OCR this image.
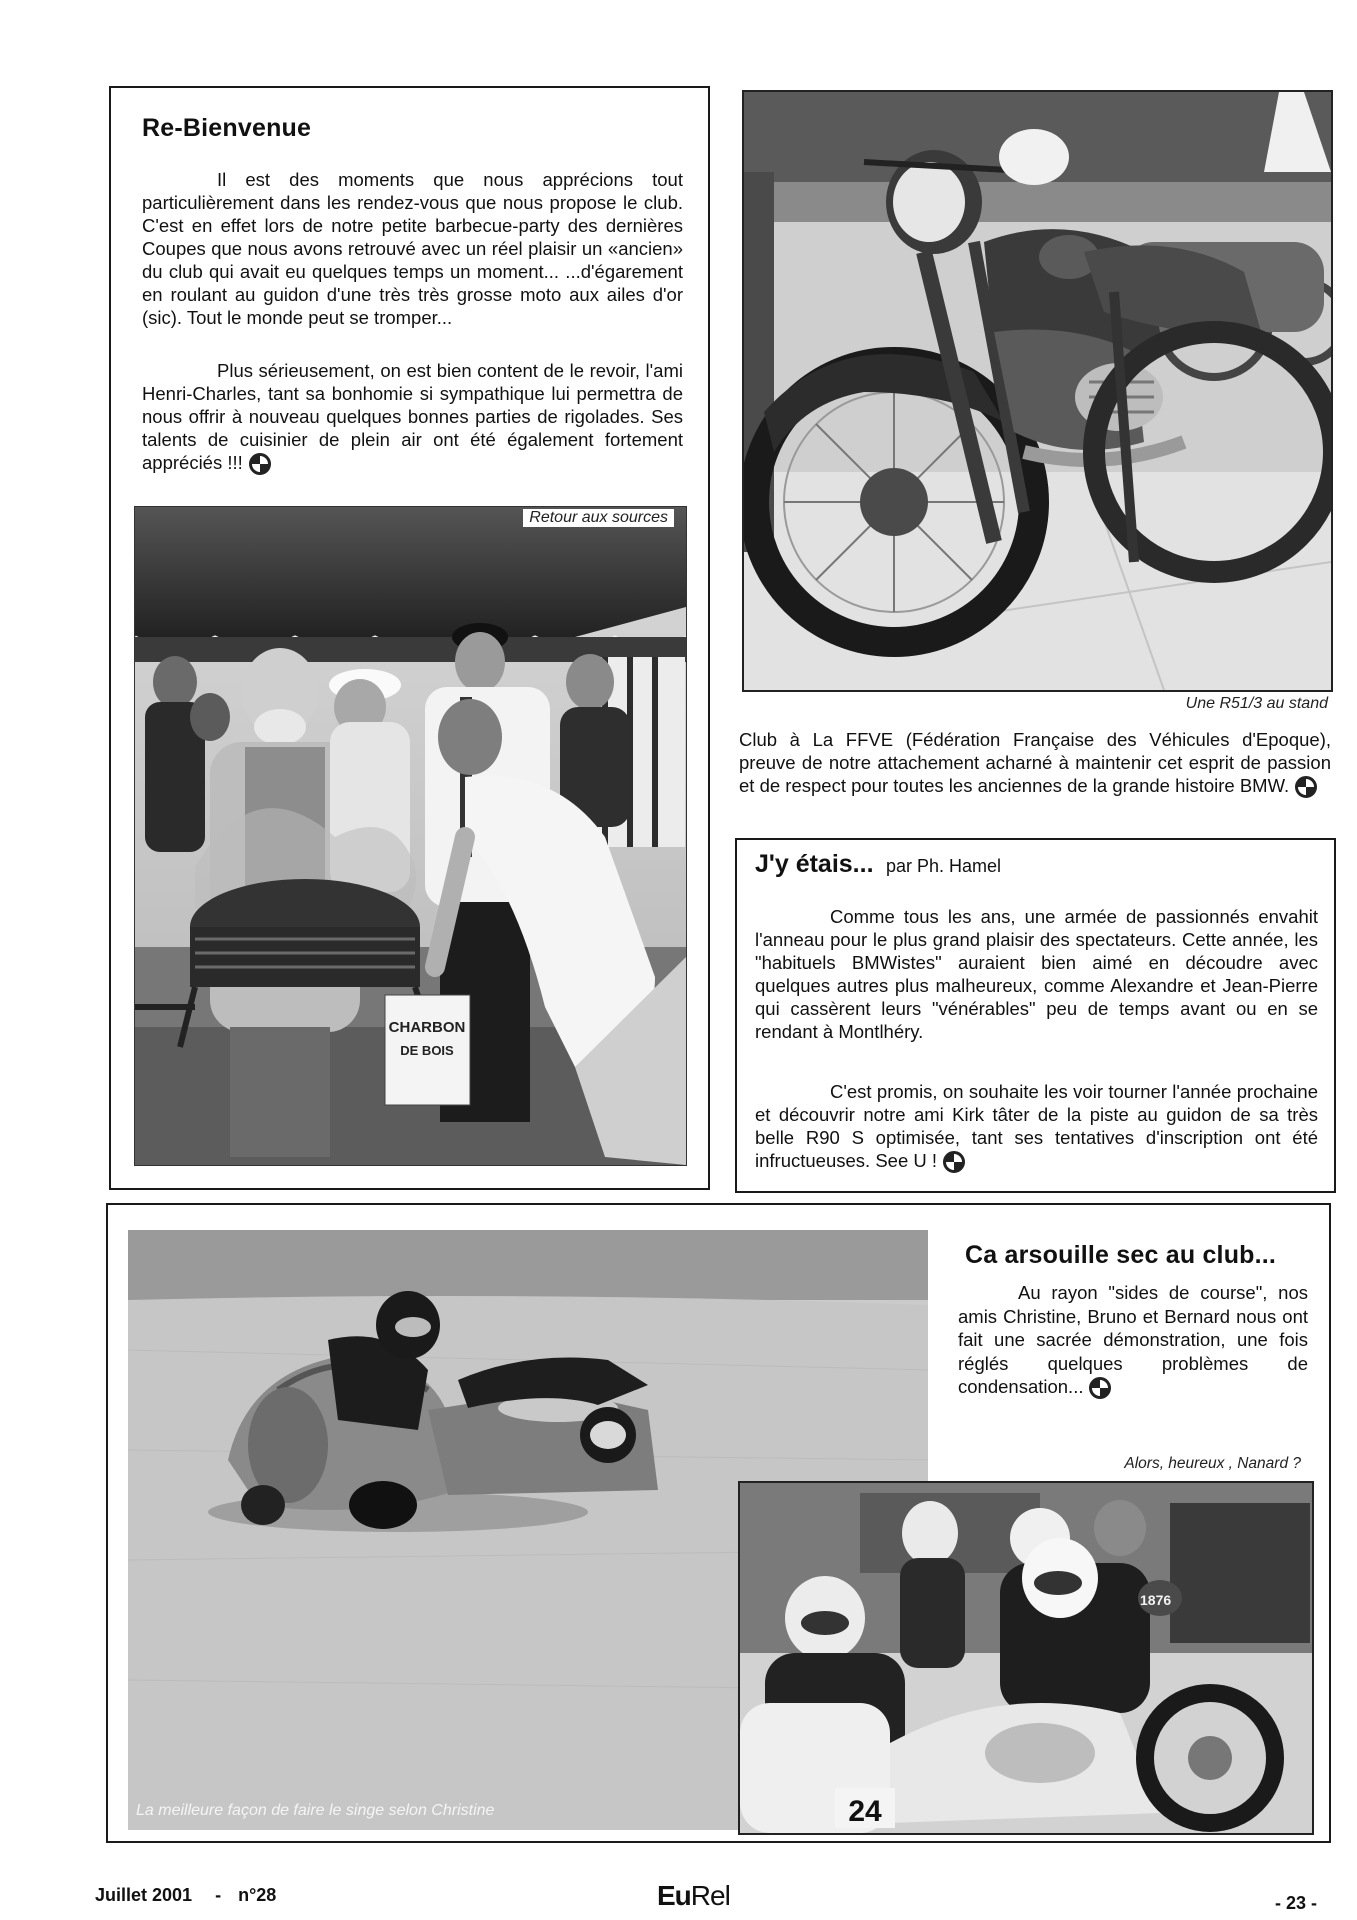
Re-Bienvenue

Il est des moments que nous apprécions tout particulièrement dans les rendez-vous que nous propose le club. C'est en effet lors de notre petite barbecue-party des dernières Coupes que nous avons retrouvé avec un réel plaisir un «ancien» du club qui avait eu quelques temps un moment... ...d'égarement en roulant au guidon d'une très très grosse moto aux ailes d'or (sic). Tout le monde peut se tromper...

Plus sérieusement, on est bien content de le revoir, l'ami Henri-Charles, tant sa bonhomie si sympathique lui permettra de nous offrir à nouveau quelques bonnes parties de rigolades. Ses talents de cuisinier de plein air ont été également fortement appréciés !!!

CHARBON
DE BOIS
Retour aux sources
Une R51/3 au stand

Club à La FFVE (Fédération Française des Véhicules d'Epoque), preuve de notre attachement acharné à maintenir cet esprit de passion et de respect pour toutes les anciennes de la grande histoire BMW.

J'y étais... par Ph. Hamel

Comme tous les ans, une armée de passionnés envahit l'anneau pour le plus grand plaisir des spectateurs. Cette année, les "habituels BMWistes" auraient bien aimé en découdre avec quelques autres plus malheureux, comme Alexandre et Jean-Pierre qui cassèrent leurs "vénérables" peu de temps avant ou en se rendant à Montlhéry.

C'est promis, on souhaite les voir tourner l'année prochaine et découvrir notre ami Kirk tâter de la piste au guidon de sa très belle R90 S optimisée, tant ses tentatives d'inscription ont été infructueuses. See U !

La meilleure façon de faire le singe selon Christine
Ca arsouille sec au club...

Au rayon "sides de course", nos amis Christine, Bruno et Bernard nous ont fait une sacrée démonstration, une fois réglés quelques problèmes de condensation...

Alors, heureux , Nanard ?
1876
24
Juillet 2001 - n°28	EuRel	- 23 -
